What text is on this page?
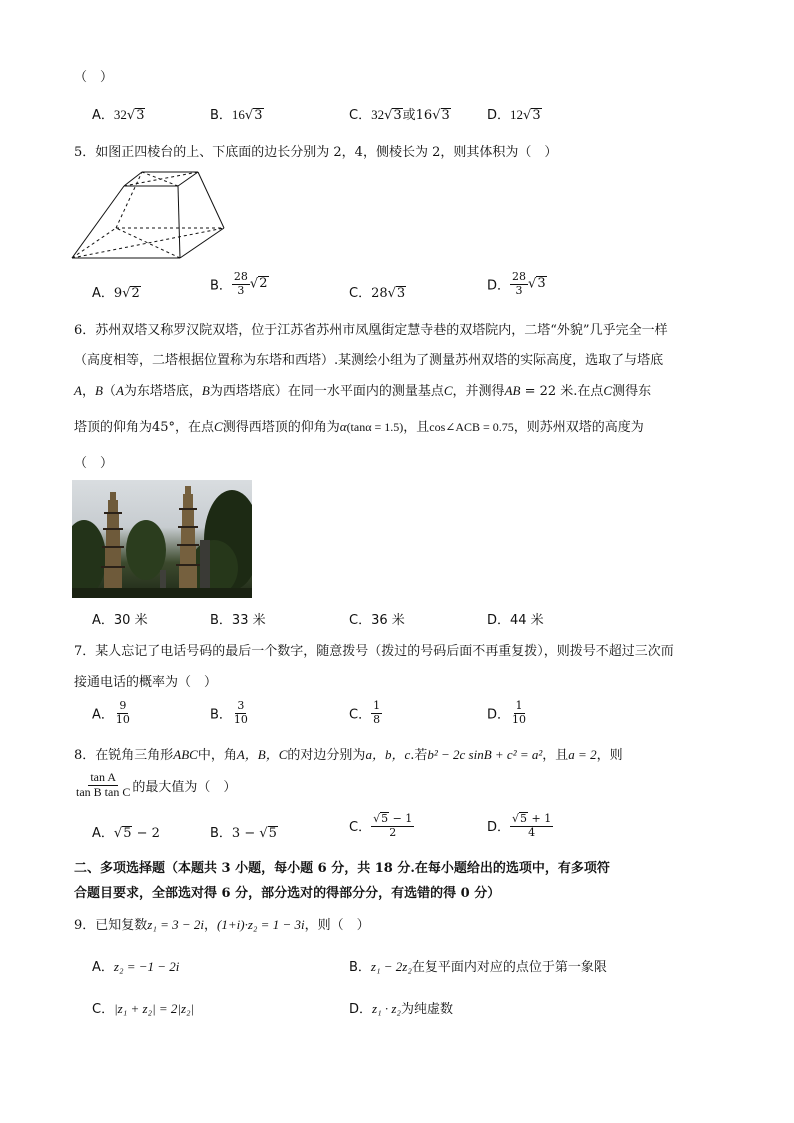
（　）
A．32√3	B．16√3	C．32√3或16√3	D．12√3
5．如图正四棱台的上、下底面的边长分别为 2，4，侧棱长为 2，则其体积为（　）
A．9√2	B． $\frac{28}{3} √2$
C．28√3	D． $\frac{28}{3} √3$
6．苏州双塔又称罗汉院双塔，位于江苏省苏州市凤凰街定慧寺巷的双塔院内，二塔“外貌”几乎完全一样
（高度相等，二塔根据位置称为东塔和西塔）.某测绘小组为了测量苏州双塔的实际高度，选取了与塔底
A，B（A为东塔塔底，B为西塔塔底）在同一水平面内的测量基点C，并测得AB = 22 米.在点C测得东
塔顶的仰角为45°，在点C测得西塔顶的仰角为α(tanα = 1.5)，且cos∠ACB = 0.75，则苏州双塔的高度为
（　）
A．30 米	B．33 米	C．36 米	D．44 米
7．某人忘记了电话号码的最后一个数字，随意拨号（拨过的号码后面不再重复拨），则拨号不超过三次而
接通电话的概率为（　）
A． $\frac{9}{10}$	B． $\frac{3}{10}$	C． $\frac{1}{8}$	D． $\frac{1}{10}$
8．在锐角三角形ABC中，角A，B，C的对边分别为a，b，c.若b² − 2c sinB + c² = a²，且a = 2，则
$\frac{\text{tan A}}{\text{tan B tan C}}$ 的最大值为（　）
A．√5 − 2	B．3 − √5	C． $\frac{√5 - 1}{2}$	D． $\frac{√5 + 1}{4}$
二、多项选择题（本题共 3 小题，每小题 6 分，共 18 分.在每小题给出的选项中，有多项符
合题目要求，全部选对得 6 分，部分选对的得部分分，有选错的得 0 分）
9．已知复数z₁ = 3 − 2i，(1+i)·z₂ = 1 − 3i，则（　）
A．z₂ = −1 − 2i	B．z₁ − 2z₂在复平面内对应的点位于第一象限
C．|z₁ + z₂| = 2|z₂|	D．z₁ · z₂为纯虚数
